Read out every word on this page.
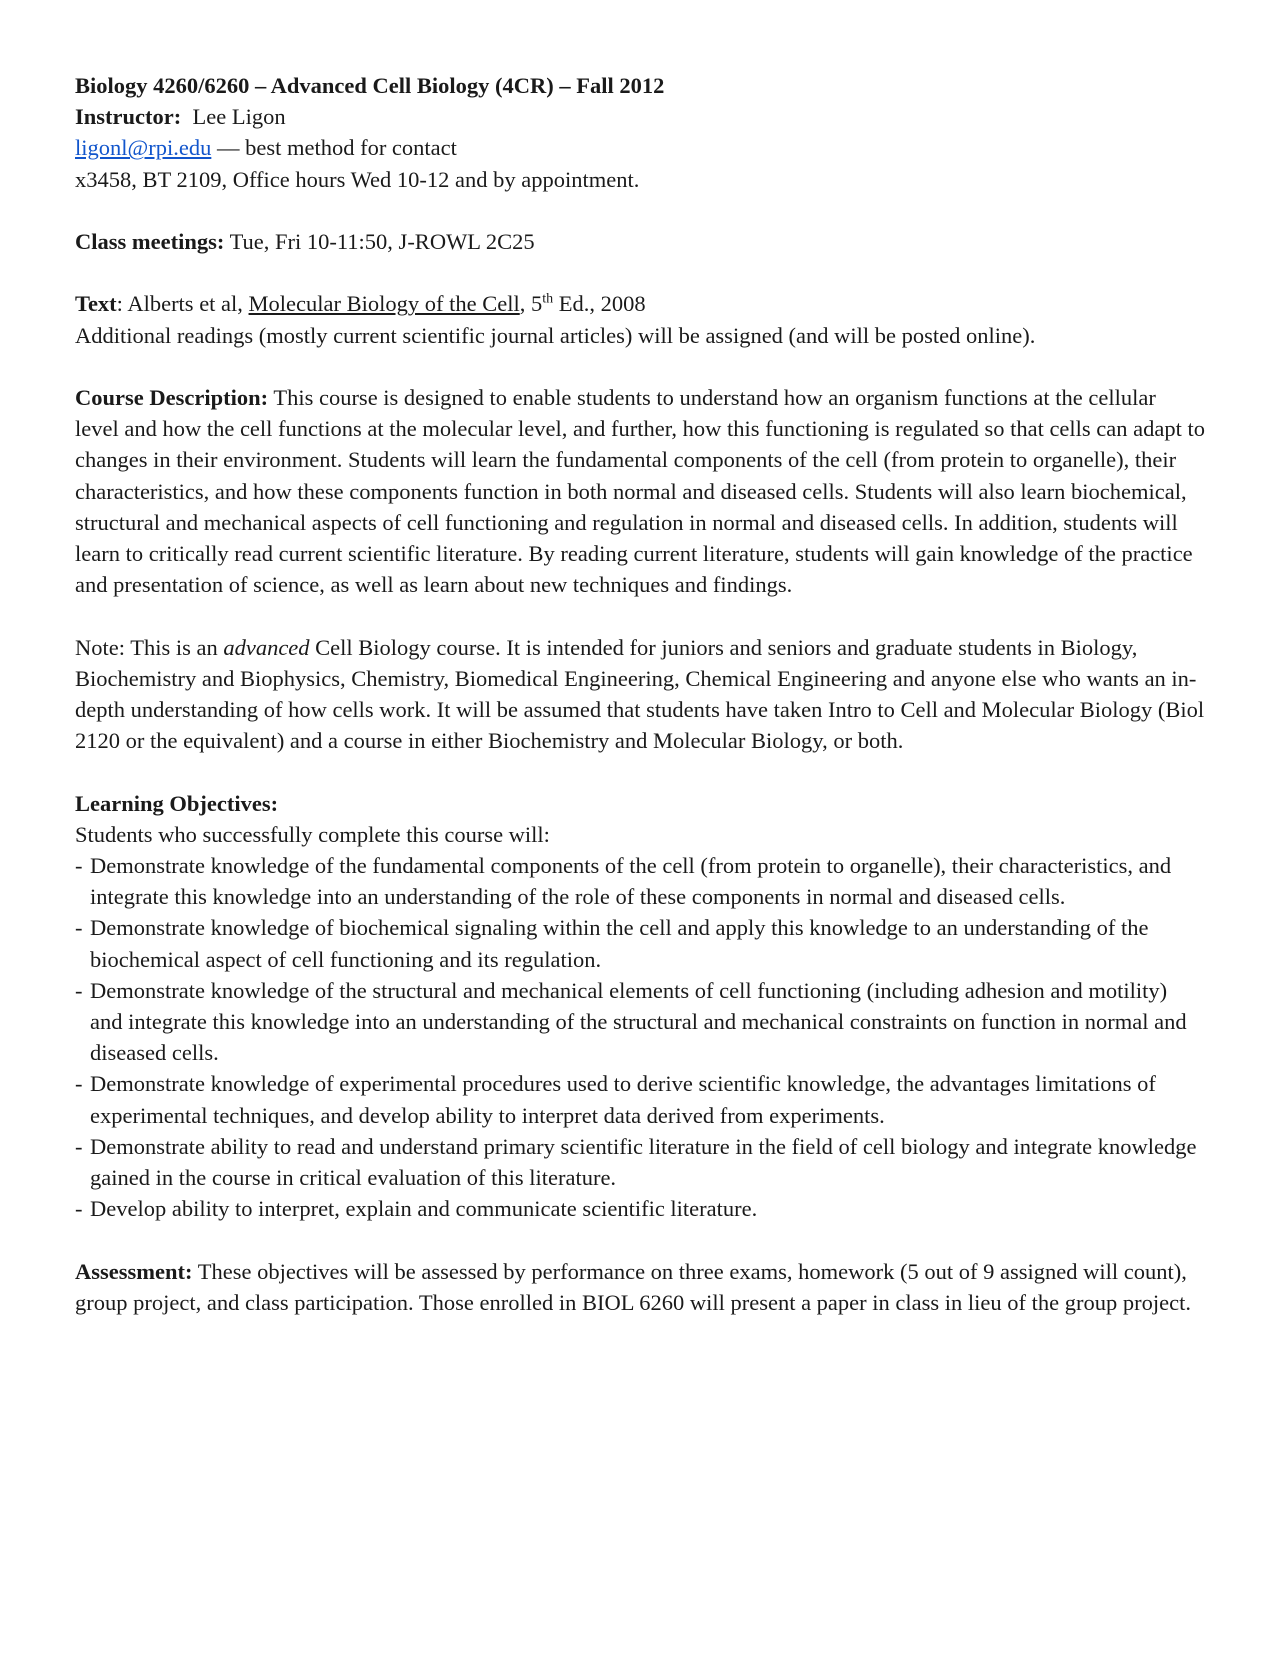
Biology 4260/6260 – Advanced Cell Biology (4CR) – Fall 2012

Instructor: Lee Ligon

ligonl@rpi.edu — best method for contact

x3458, BT 2109, Office hours Wed 10-12 and by appointment.

Class meetings: Tue, Fri 10-11:50, J-ROWL 2C25

Text: Alberts et al, Molecular Biology of the Cell, 5th Ed., 2008

Additional readings (mostly current scientific journal articles) will be assigned (and will be posted online).

Course Description: This course is designed to enable students to understand how an organism functions at the cellular level and how the cell functions at the molecular level, and further, how this functioning is regulated so that cells can adapt to changes in their environment. Students will learn the fundamental components of the cell (from protein to organelle), their characteristics, and how these components function in both normal and diseased cells. Students will also learn biochemical, structural and mechanical aspects of cell functioning and regulation in normal and diseased cells. In addition, students will learn to critically read current scientific literature. By reading current literature, students will gain knowledge of the practice and presentation of science, as well as learn about new techniques and findings.

Note: This is an advanced Cell Biology course. It is intended for juniors and seniors and graduate students in Biology, Biochemistry and Biophysics, Chemistry, Biomedical Engineering, Chemical Engineering and anyone else who wants an in-depth understanding of how cells work. It will be assumed that students have taken Intro to Cell and Molecular Biology (Biol 2120 or the equivalent) and a course in either Biochemistry and Molecular Biology, or both.

Learning Objectives:

Students who successfully complete this course will:

- Demonstrate knowledge of the fundamental components of the cell (from protein to organelle), their characteristics, and integrate this knowledge into an understanding of the role of these components in normal and diseased cells.
- Demonstrate knowledge of biochemical signaling within the cell and apply this knowledge to an understanding of the biochemical aspect of cell functioning and its regulation.
- Demonstrate knowledge of the structural and mechanical elements of cell functioning (including adhesion and motility) and integrate this knowledge into an understanding of the structural and mechanical constraints on function in normal and diseased cells.
- Demonstrate knowledge of experimental procedures used to derive scientific knowledge, the advantages limitations of experimental techniques, and develop ability to interpret data derived from experiments.
- Demonstrate ability to read and understand primary scientific literature in the field of cell biology and integrate knowledge gained in the course in critical evaluation of this literature.
- Develop ability to interpret, explain and communicate scientific literature.

Assessment: These objectives will be assessed by performance on three exams, homework (5 out of 9 assigned will count), group project, and class participation. Those enrolled in BIOL 6260 will present a paper in class in lieu of the group project.
